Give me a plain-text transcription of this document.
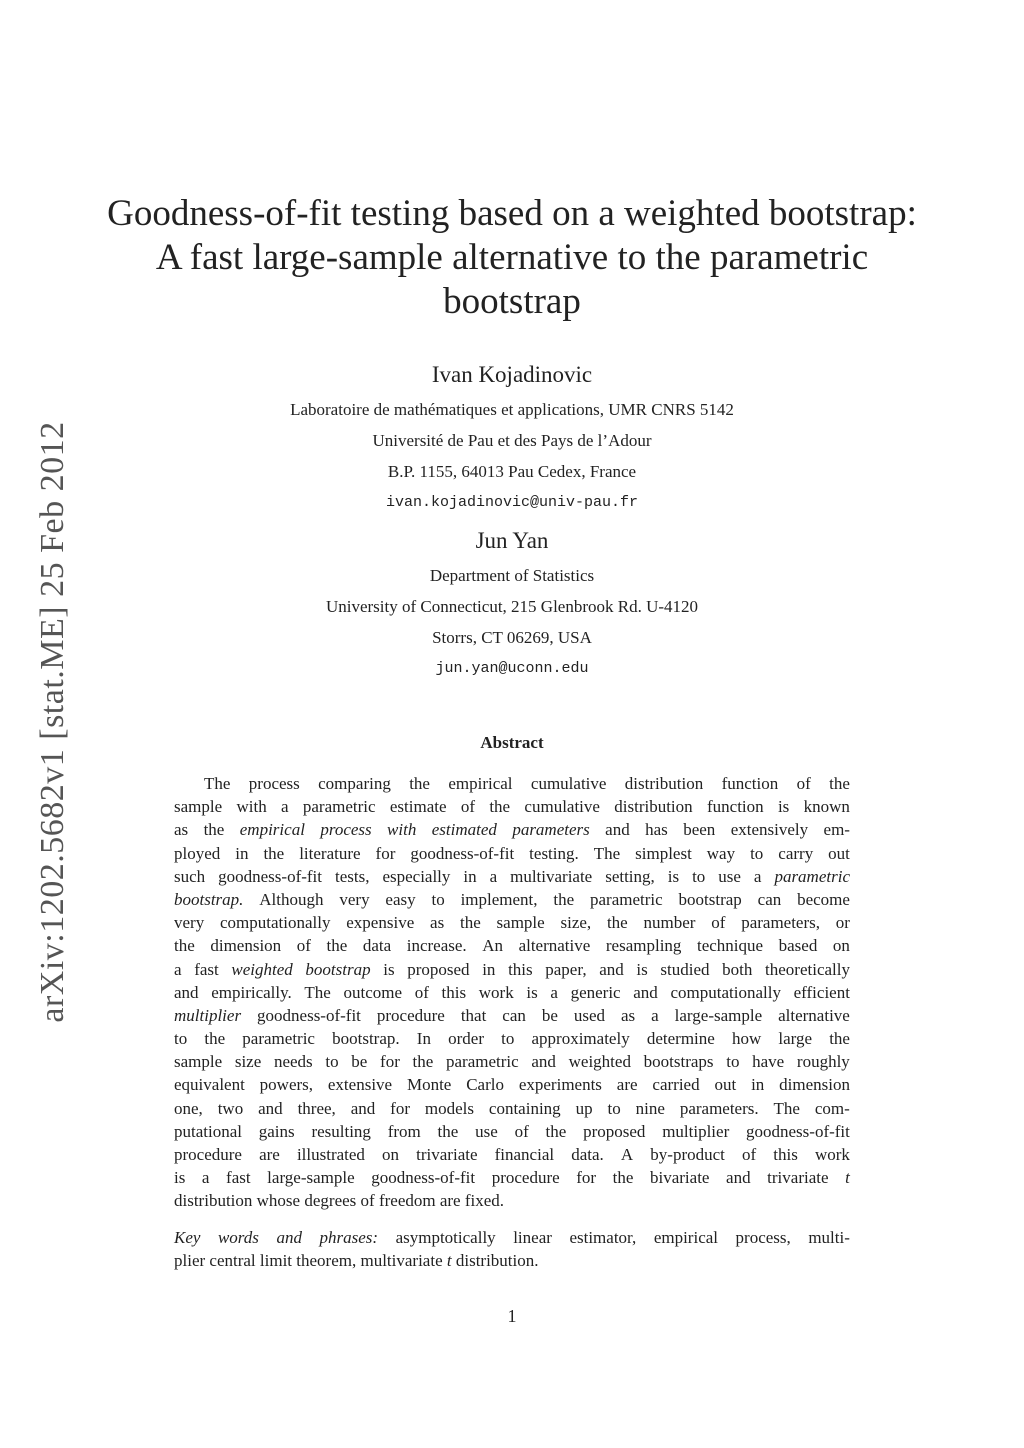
arXiv:1202.5682v1 [stat.ME] 25 Feb 2012
Goodness-of-fit testing based on a weighted bootstrap:
A fast large-sample alternative to the parametric
bootstrap
Ivan Kojadinovic
Laboratoire de mathématiques et applications, UMR CNRS 5142
Université de Pau et des Pays de l’Adour
B.P. 1155, 64013 Pau Cedex, France
ivan.kojadinovic@univ-pau.fr
Jun Yan
Department of Statistics
University of Connecticut, 215 Glenbrook Rd. U-4120
Storrs, CT 06269, USA
jun.yan@uconn.edu
Abstract
The process comparing the empirical cumulative distribution function of the
sample with a parametric estimate of the cumulative distribution function is known
as the empirical process with estimated parameters and has been extensively em-
ployed in the literature for goodness-of-fit testing. The simplest way to carry out
such goodness-of-fit tests, especially in a multivariate setting, is to use a parametric
bootstrap. Although very easy to implement, the parametric bootstrap can become
very computationally expensive as the sample size, the number of parameters, or
the dimension of the data increase. An alternative resampling technique based on
a fast weighted bootstrap is proposed in this paper, and is studied both theoretically
and empirically. The outcome of this work is a generic and computationally efficient
multiplier goodness-of-fit procedure that can be used as a large-sample alternative
to the parametric bootstrap. In order to approximately determine how large the
sample size needs to be for the parametric and weighted bootstraps to have roughly
equivalent powers, extensive Monte Carlo experiments are carried out in dimension
one, two and three, and for models containing up to nine parameters. The com-
putational gains resulting from the use of the proposed multiplier goodness-of-fit
procedure are illustrated on trivariate financial data. A by-product of this work
is a fast large-sample goodness-of-fit procedure for the bivariate and trivariate t
distribution
whose
degrees
of
freedom
are
fixed.
Key words and phrases: asymptotically linear estimator, empirical process, multi-
plier
central
limit
theorem,
multivariate
t
distribution.
1
